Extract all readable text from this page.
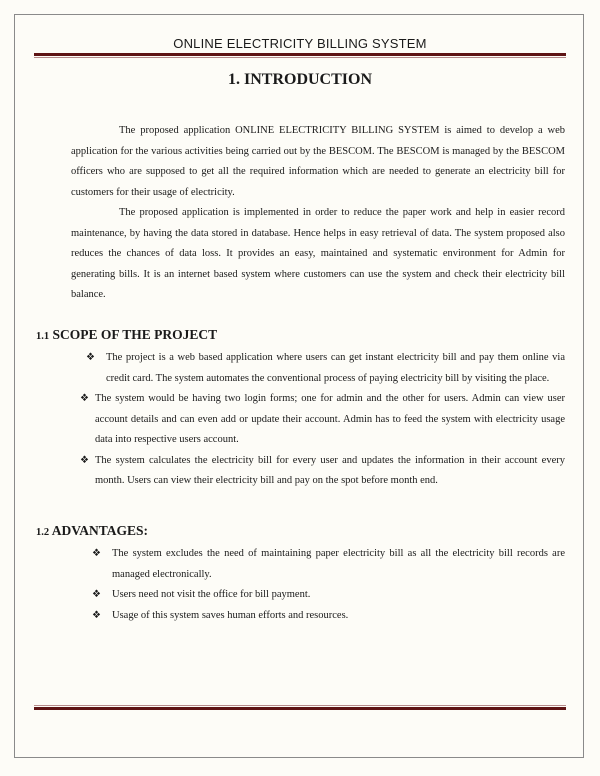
ONLINE ELECTRICITY BILLING SYSTEM
1. INTRODUCTION

The proposed application ONLINE ELECTRICITY BILLING SYSTEM is aimed to develop a web application for the various activities being carried out by the BESCOM. The BESCOM is managed by the BESCOM officers who are supposed to get all the required information which are needed to generate an electricity bill for customers for their usage of electricity.

The proposed application is implemented in order to reduce the paper work and help in easier record maintenance, by having the data stored in database. Hence helps in easy retrieval of data. The system proposed also reduces the chances of data loss. It provides an easy, maintained and systematic environment for Admin for generating bills. It is an internet based system where customers can use the system and check their electricity bill balance.

1.1 SCOPE OF THE PROJECT
❖ The project is a web based application where users can get instant electricity bill and pay them online via credit card. The system automates the conventional process of paying electricity bill by visiting the place.
❖ The system would be having two login forms; one for admin and the other for users. Admin can view user account details and can even add or update their account. Admin has to feed the system with electricity usage data into respective users account.
❖ The system calculates the electricity bill for every user and updates the information in their account every month. Users can view their electricity bill and pay on the spot before month end.
1.2 ADVANTAGES:
❖ The system excludes the need of maintaining paper electricity bill as all the electricity bill records are managed electronically.
❖ Users need not visit the office for bill payment.
❖ Usage of this system saves human efforts and resources.
